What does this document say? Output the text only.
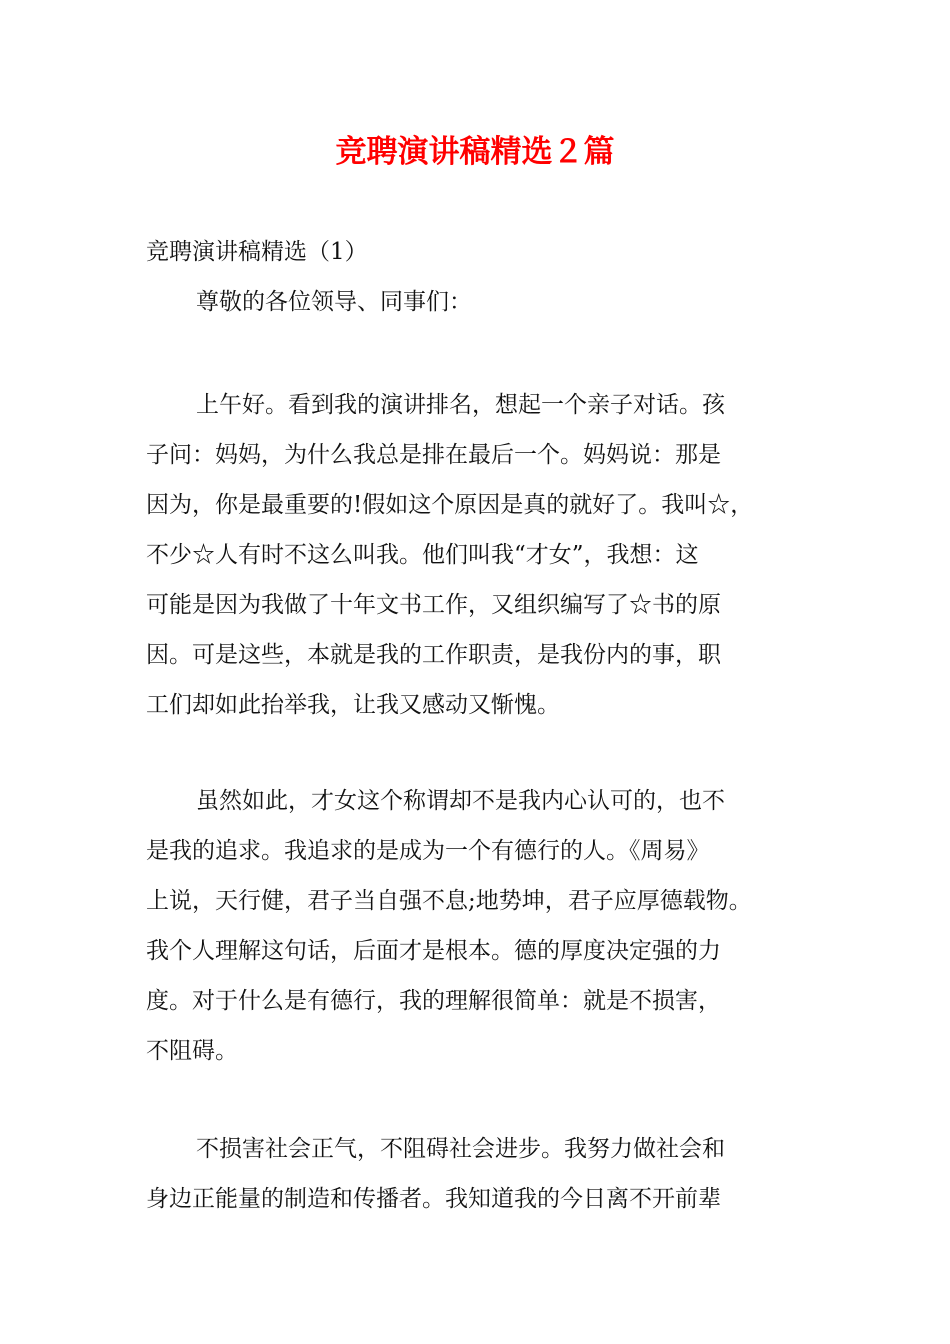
竞聘演讲稿精选２篇
竞聘演讲稿精选（1）
尊敬的各位领导、同事们：
上午好。看到我的演讲排名，想起一个亲子对话。孩
子问：妈妈，为什么我总是排在最后一个。妈妈说：那是
因为，你是最重要的!假如这个原因是真的就好了。我叫☆，
不少☆人有时不这么叫我。他们叫我“才女”，我想：这
可能是因为我做了十年文书工作，又组织编写了☆书的原
因。可是这些，本就是我的工作职责，是我份内的事，职
工们却如此抬举我，让我又感动又惭愧。
虽然如此，才女这个称谓却不是我内心认可的，也不
是我的追求。我追求的是成为一个有德行的人。《周易》
上说，天行健，君子当自强不息;地势坤，君子应厚德载物。
我个人理解这句话，后面才是根本。德的厚度决定强的力
度。对于什么是有德行，我的理解很简单：就是不损害，
不阻碍。
不损害社会正气，不阻碍社会进步。我努力做社会和
身边正能量的制造和传播者。我知道我的今日离不开前辈
